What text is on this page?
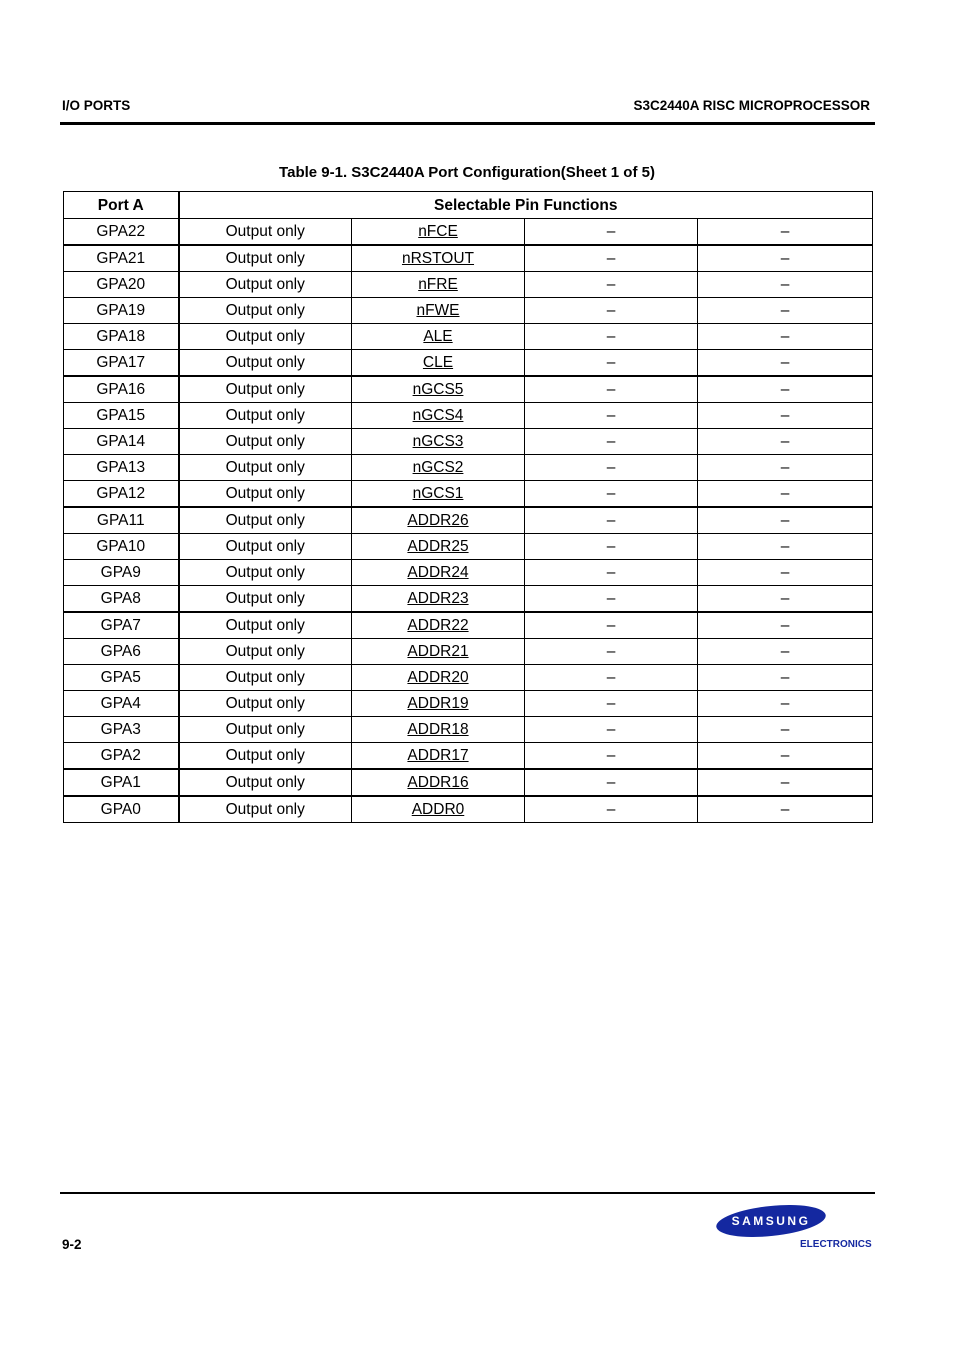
I/O PORTS	S3C2440A RISC MICROPROCESSOR
Table 9-1. S3C2440A Port Configuration(Sheet 1 of 5)
Port A	Selectable Pin Functions			
GPA22	Output only	nFCE	–	–
GPA21	Output only	nRSTOUT	–	–
GPA20	Output only	nFRE	–	–
GPA19	Output only	nFWE	–	–
GPA18	Output only	ALE	–	–
GPA17	Output only	CLE	–	–
GPA16	Output only	nGCS5	–	–
GPA15	Output only	nGCS4	–	–
GPA14	Output only	nGCS3	–	–
GPA13	Output only	nGCS2	–	–
GPA12	Output only	nGCS1	–	–
GPA11	Output only	ADDR26	–	–
GPA10	Output only	ADDR25	–	–
GPA9	Output only	ADDR24	–	–
GPA8	Output only	ADDR23	–	–
GPA7	Output only	ADDR22	–	–
GPA6	Output only	ADDR21	–	–
GPA5	Output only	ADDR20	–	–
GPA4	Output only	ADDR19	–	–
GPA3	Output only	ADDR18	–	–
GPA2	Output only	ADDR17	–	–
GPA1	Output only	ADDR16	–	–
GPA0	Output only	ADDR0	–	–
9-2
SAMSUNG
ELECTRONICS
